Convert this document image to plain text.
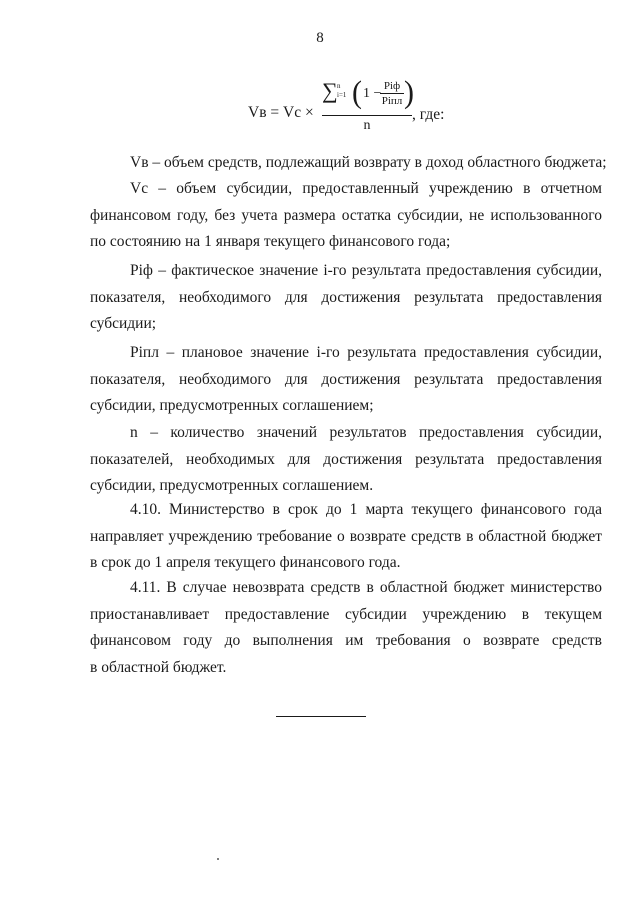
8
Vв = Vс ×
∑ n
i=1 ( 1 − Piф
Piпл )
n
, где:
Vв – объем средств, подлежащий возврату в доход областного бюджета;
Vс – объем субсидии, предоставленный учреждению в отчетном
финансовом году, без учета размера остатка субсидии, не использованного
по состоянию на 1 января текущего финансового года;
Piф – фактическое значение i-го результата предоставления субсидии,
показателя, необходимого для достижения результата предоставления
субсидии;
Piпл – плановое значение i-го результата предоставления субсидии,
показателя, необходимого для достижения результата предоставления
субсидии, предусмотренных соглашением;
n – количество значений результатов предоставления субсидии,
показателей, необходимых для достижения результата предоставления
субсидии, предусмотренных соглашением.
4.10. Министерство в срок до 1 марта текущего финансового года
направляет учреждению требование о возврате средств в областной бюджет
в срок до 1 апреля текущего финансового года.
4.11. В случае невозврата средств в областной бюджет министерство
приостанавливает предоставление субсидии учреждению в текущем
финансовом году до выполнения им требования о возврате средств
в областной бюджет.
